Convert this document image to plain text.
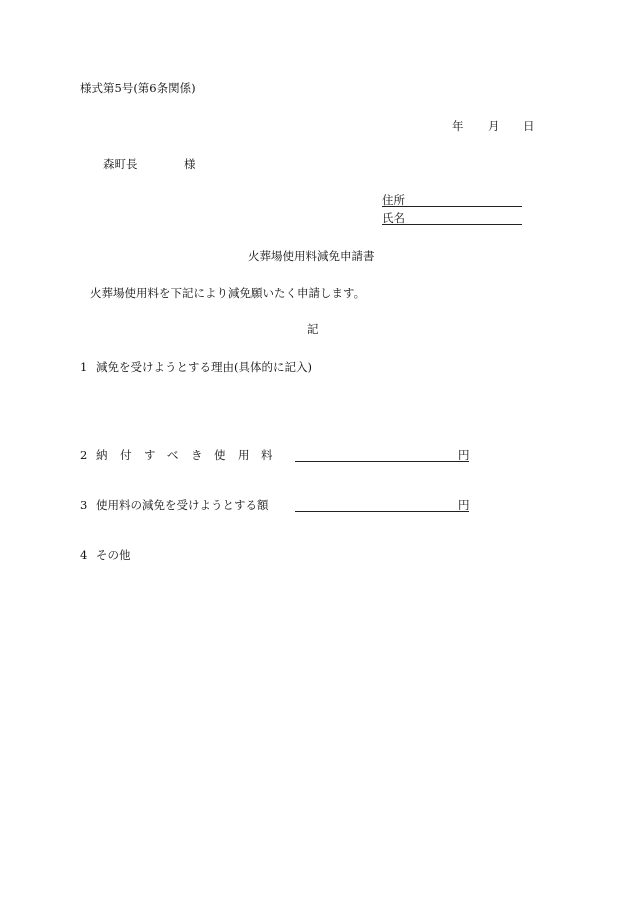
様式第5号(第6条関係)
年 月 日
森町長	様
住所
氏名
火葬場使用料減免申請書
火葬場使用料を下記により減免願いたく申請します。
記
1 減免を受けようとする理由(具体的に記入)
2 納 付 す べ き 使 用 料	円
3 使用料の減免を受けようとする額	円
4 その他
